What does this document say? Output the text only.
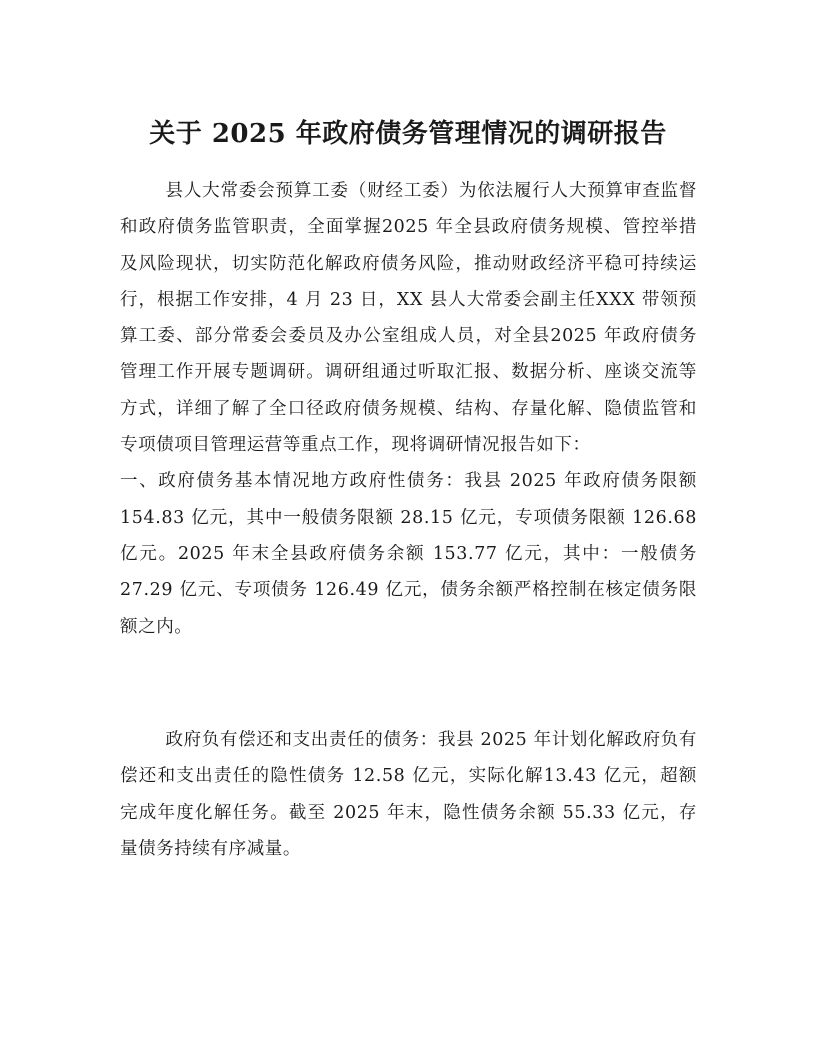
关于 2025 年政府债务管理情况的调研报告
县人大常委会预算工委（财经工委）为依法履行人大预算审查监督和政府债务监管职责，全面掌握2025 年全县政府债务规模、管控举措及风险现状，切实防范化解政府债务风险，推动财政经济平稳可持续运行，根据工作安排，4 月 23 日，XX 县人大常委会副主任XXX 带领预算工委、部分常委会委员及办公室组成人员，对全县2025 年政府债务管理工作开展专题调研。调研组通过听取汇报、数据分析、座谈交流等方式，详细了解了全口径政府债务规模、结构、存量化解、隐债监管和专项债项目管理运营等重点工作，现将调研情况报告如下：
一、政府债务基本情况地方政府性债务：我县 2025 年政府债务限额 154.83 亿元，其中一般债务限额 28.15 亿元，专项债务限额 126.68 亿元。2025 年末全县政府债务余额 153.77 亿元，其中：一般债务 27.29 亿元、专项债务 126.49 亿元，债务余额严格控制在核定债务限额之内。

政府负有偿还和支出责任的债务：我县 2025 年计划化解政府负有偿还和支出责任的隐性债务 12.58 亿元，实际化解13.43 亿元，超额完成年度化解任务。截至 2025 年末，隐性债务余额 55.33 亿元，存量债务持续有序减量。
